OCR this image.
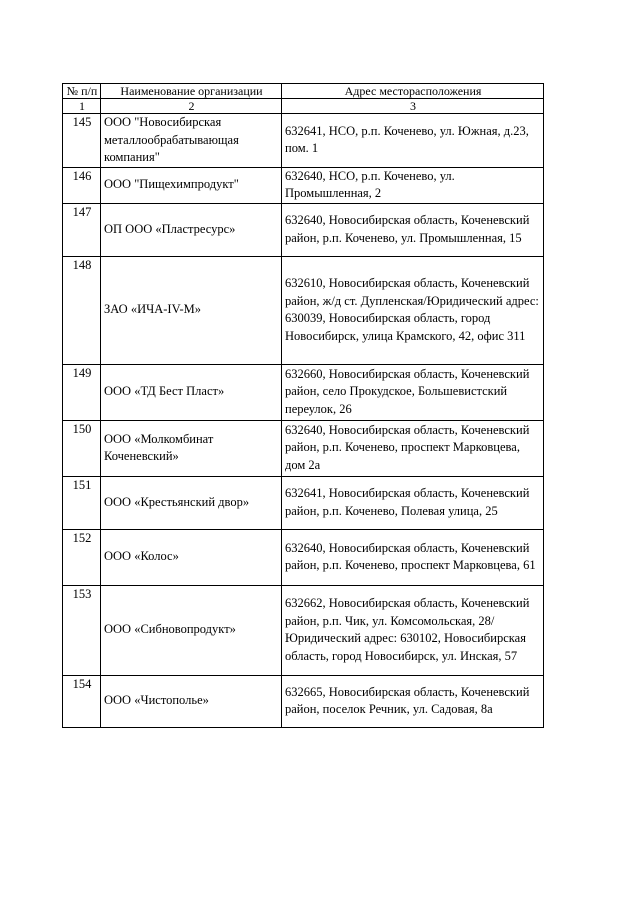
№ п/п	Наименование организации	Адрес месторасположения
1	2	3
145	ООО "Новосибирская металлообрабатывающая компания"	632641, НСО, р.п. Коченево, ул. Южная, д.23, пом. 1
146	ООО "Пищехимпродукт"	632640, НСО, р.п. Коченево, ул. Промышленная, 2
147	ОП ООО «Пластресурс»	632640, Новосибирская область, Коченевский район, р.п. Коченево, ул. Промышленная, 15
148	ЗАО «ИЧА-IV-М»	632610, Новосибирская область, Коченевский район, ж/д ст. Дупленская/Юридический адрес: 630039, Новосибирская область, город Новосибирск, улица Крамского, 42, офис 311
149	ООО «ТД Бест Пласт»	632660, Новосибирская область, Коченевский район, село Прокудское, Большевистский переулок, 26
150	ООО «Молкомбинат Коченевский»	632640, Новосибирская область, Коченевский район, р.п. Коченево, проспект Марковцева, дом 2а
151	ООО «Крестьянский двор»	632641, Новосибирская область, Коченевский район, р.п. Коченево, Полевая улица, 25
152	ООО «Колос»	632640, Новосибирская область, Коченевский район, р.п. Коченево, проспект Марковцева, 61
153	ООО «Сибновопродукт»	632662, Новосибирская область, Коченевский район, р.п. Чик, ул. Комсомольская, 28/Юридический адрес: 630102, Новосибирская область, город Новосибирск, ул. Инская, 57
154	ООО «Чистополье»	632665, Новосибирская область, Коченевский район, поселок Речник, ул. Садовая, 8а
